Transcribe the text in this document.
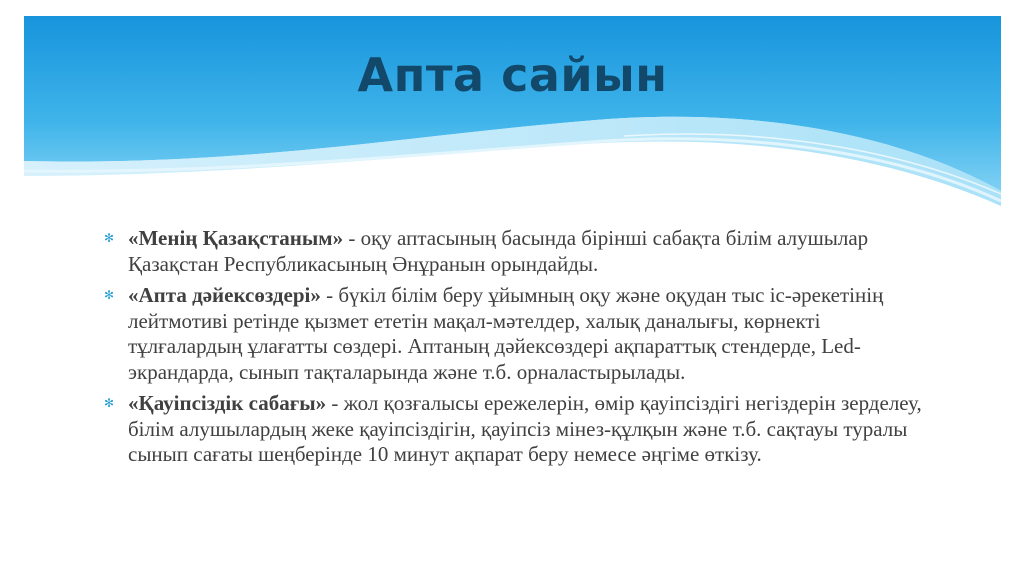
Апта сайын
✻ «Менің Қазақстаным» - оқу аптасының басында бірінші сабақта білім алушылар Қазақстан Республикасының Әнұранын орындайды.
✻ «Апта дәйексөздері» - бүкіл білім беру ұйымның оқу және оқудан тыс іс-әрекетінің лейтмотиві ретінде қызмет ететін мақал-мәтелдер, халық даналығы, көрнекті тұлғалардың ұлағатты сөздері. Аптаның дәйексөздері ақпараттық стендерде, Led-экрандарда, сынып тақталарында және т.б. орналастырылады.
✻ «Қауіпсіздік сабағы» - жол қозғалысы ережелерін, өмір қауіпсіздігі негіздерін зерделеу, білім алушылардың жеке қауіпсіздігін, қауіпсіз мінез-құлқын және т.б. сақтауы туралы сынып сағаты шеңберінде 10 минут ақпарат беру немесе әңгіме өткізу.
